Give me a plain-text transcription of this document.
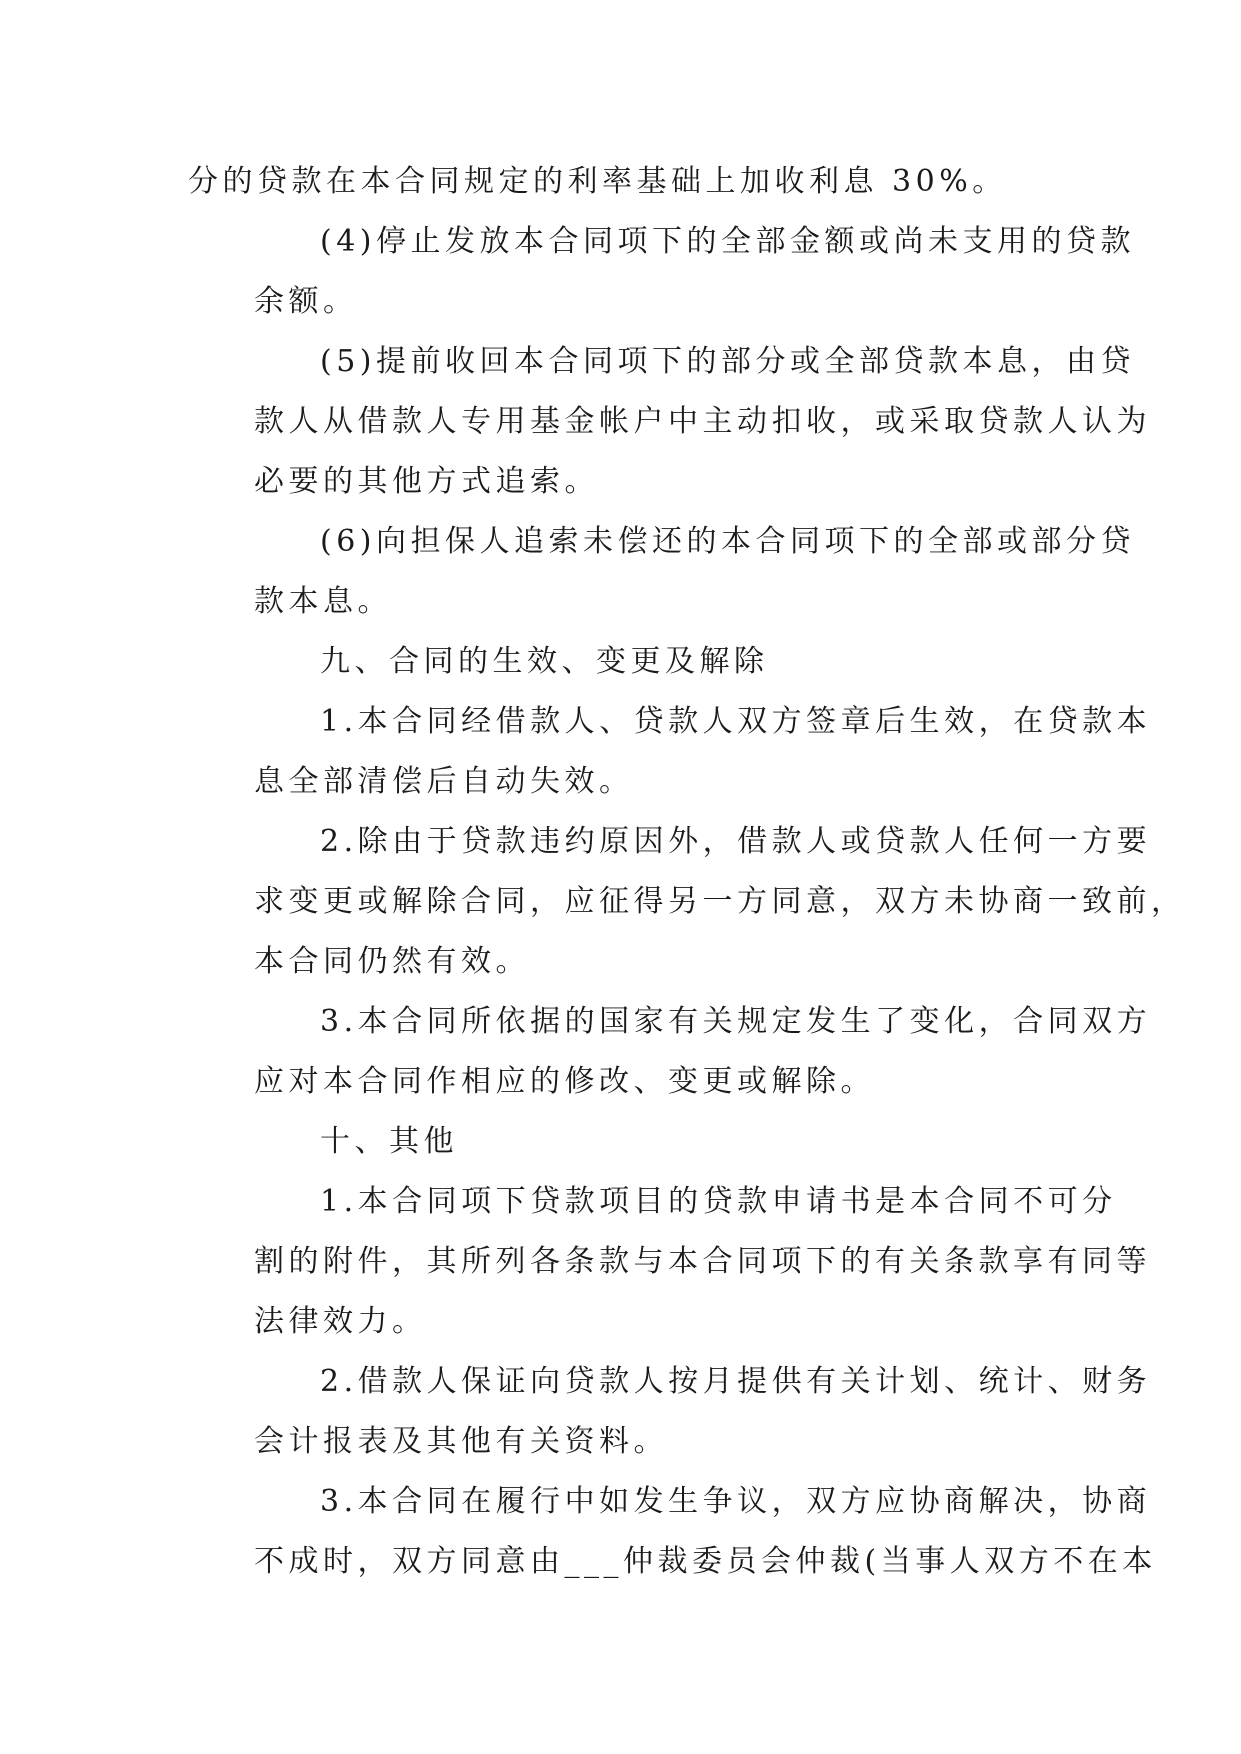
分的贷款在本合同规定的利率基础上加收利息 30%。
(4)停止发放本合同项下的全部金额或尚未支用的贷款
余额。
(5)提前收回本合同项下的部分或全部贷款本息，由贷
款人从借款人专用基金帐户中主动扣收，或采取贷款人认为
必要的其他方式追索。
(6)向担保人追索未偿还的本合同项下的全部或部分贷
款本息。
九、合同的生效、变更及解除
1.本合同经借款人、贷款人双方签章后生效，在贷款本
息全部清偿后自动失效。
2.除由于贷款违约原因外，借款人或贷款人任何一方要
求变更或解除合同，应征得另一方同意，双方未协商一致前，
本合同仍然有效。
3.本合同所依据的国家有关规定发生了变化，合同双方
应对本合同作相应的修改、变更或解除。
十、其他
1.本合同项下贷款项目的贷款申请书是本合同不可分
割的附件，其所列各条款与本合同项下的有关条款享有同等
法律效力。
2.借款人保证向贷款人按月提供有关计划、统计、财务
会计报表及其他有关资料。
3.本合同在履行中如发生争议，双方应协商解决，协商
不成时，双方同意由___仲裁委员会仲裁(当事人双方不在本
